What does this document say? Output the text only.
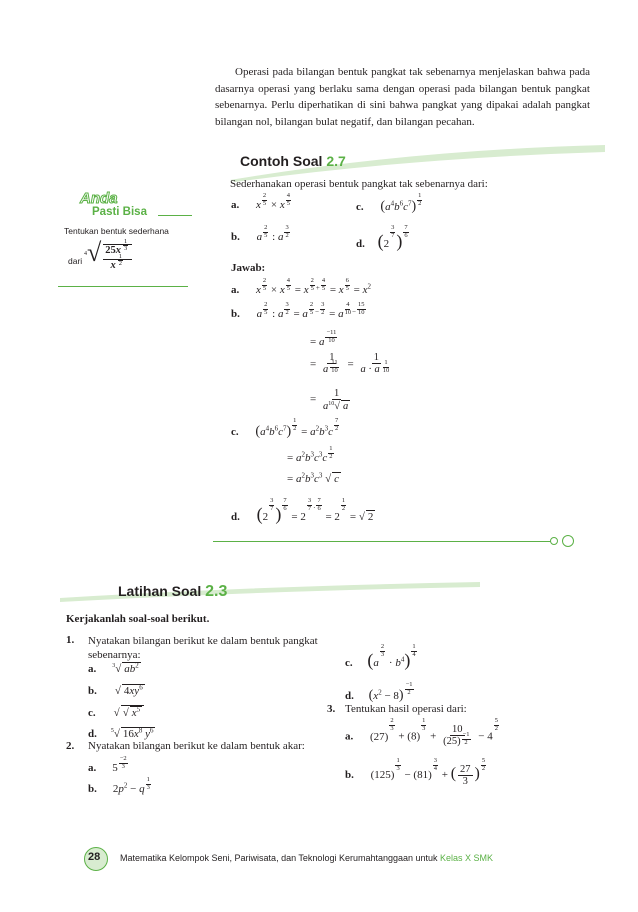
Operasi pada bilangan bentuk pangkat tak sebenarnya menjelaskan bahwa pada dasarnya operasi yang berlaku sama dengan operasi pada bilangan bentuk pangkat sebenarnya. Perlu diperhatikan di sini bahwa pangkat yang dipakai adalah pangkat bilangan nol, bilangan bulat negatif, dan bilangan pecahan.
Contoh Soal 2.7
Sederhanakan operasi bentuk pangkat tak sebenarnya dari:
Anda
Pasti Bisa
Tentukan bentuk sederhana
dari
$^4√ \frac{25x \frac{1}{3}}{x \frac{1}{2}}$
a. x $\frac{2}{5} \times x \frac{4}{5}$	c. $(a^4b^6c^7) \frac{1}{2}$
b. a $\frac{2}{5}$ : a $\frac{3}{2}$
d. (2
$\frac{3}{7}$ ) $\frac{7}{6}$
Jawab:
a. x $\frac{2}{5} \times x \frac{4}{5} = x \frac{2}{5} ^+ \frac{4}{5} = x \frac{6}{5} = x^2$
b. a $\frac{2}{5}$ : a $\frac{3}{2} = a \frac{2}{5} ^- \frac{3}{2} = a \frac{4}{10} ^- \frac{15}{10}$
= a $\frac{-11}{10}$
= $\frac{1}{a \frac{11}{10}} = \frac{1}{a \cdot a \frac{1}{10}}$
= $\frac{1}{a^{10}√ a}$
c. $(a^4b^6c^7) \frac{1}{2} = a^2b^3c \frac{7}{2}$
= $a^2b^3c^3c \frac{1}{2}$
= $a^2b^3c^3$ √ c
d. (2
$\frac{3}{7}$ ) $\frac{7}{6}$
= 2
$\frac{3}{7} ^\cdot \frac{7}{6}$
= 2
$\frac{1}{2}$
= √ 2
Latihan Soal 2.3
Kerjakanlah soal-soal berikut.
1. Nyatakan bilangan berikut ke dalam bentuk pangkat sebenarnya:
a.	$^3$√ $ab^2$
b. √ $4xy^6$
c. √ √ $x^5$
d. $^5$√ $16x^8$ $y^6$
2. Nyatakan bilangan berikut ke dalam bentuk akar:
a. $5 \frac{-2}{3}$
b. $2p^2 - q \frac{1}{3}$
c. (a
$\frac{2}{3}$
· $b^4) \frac{1}{4}$
d. $(x^2 - 8) \frac{-1}{2}$
3. Tentukan hasil operasi dari:
a. (27)
$\frac{2}{3}$
+ (8)
$\frac{1}{3}$
+ $\frac{10}{(25) \frac{-1}{2}} - 4$
$\frac{5}{2}$
b. (125)
$\frac{1}{3}$
− (81)
$\frac{3}{4}$
+ ( $\frac{27}{3}$ )
$\frac{5}{2}$
28 Matematika Kelompok Seni, Pariwisata, dan Teknologi Kerumahtanggaan untuk Kelas X SMK
